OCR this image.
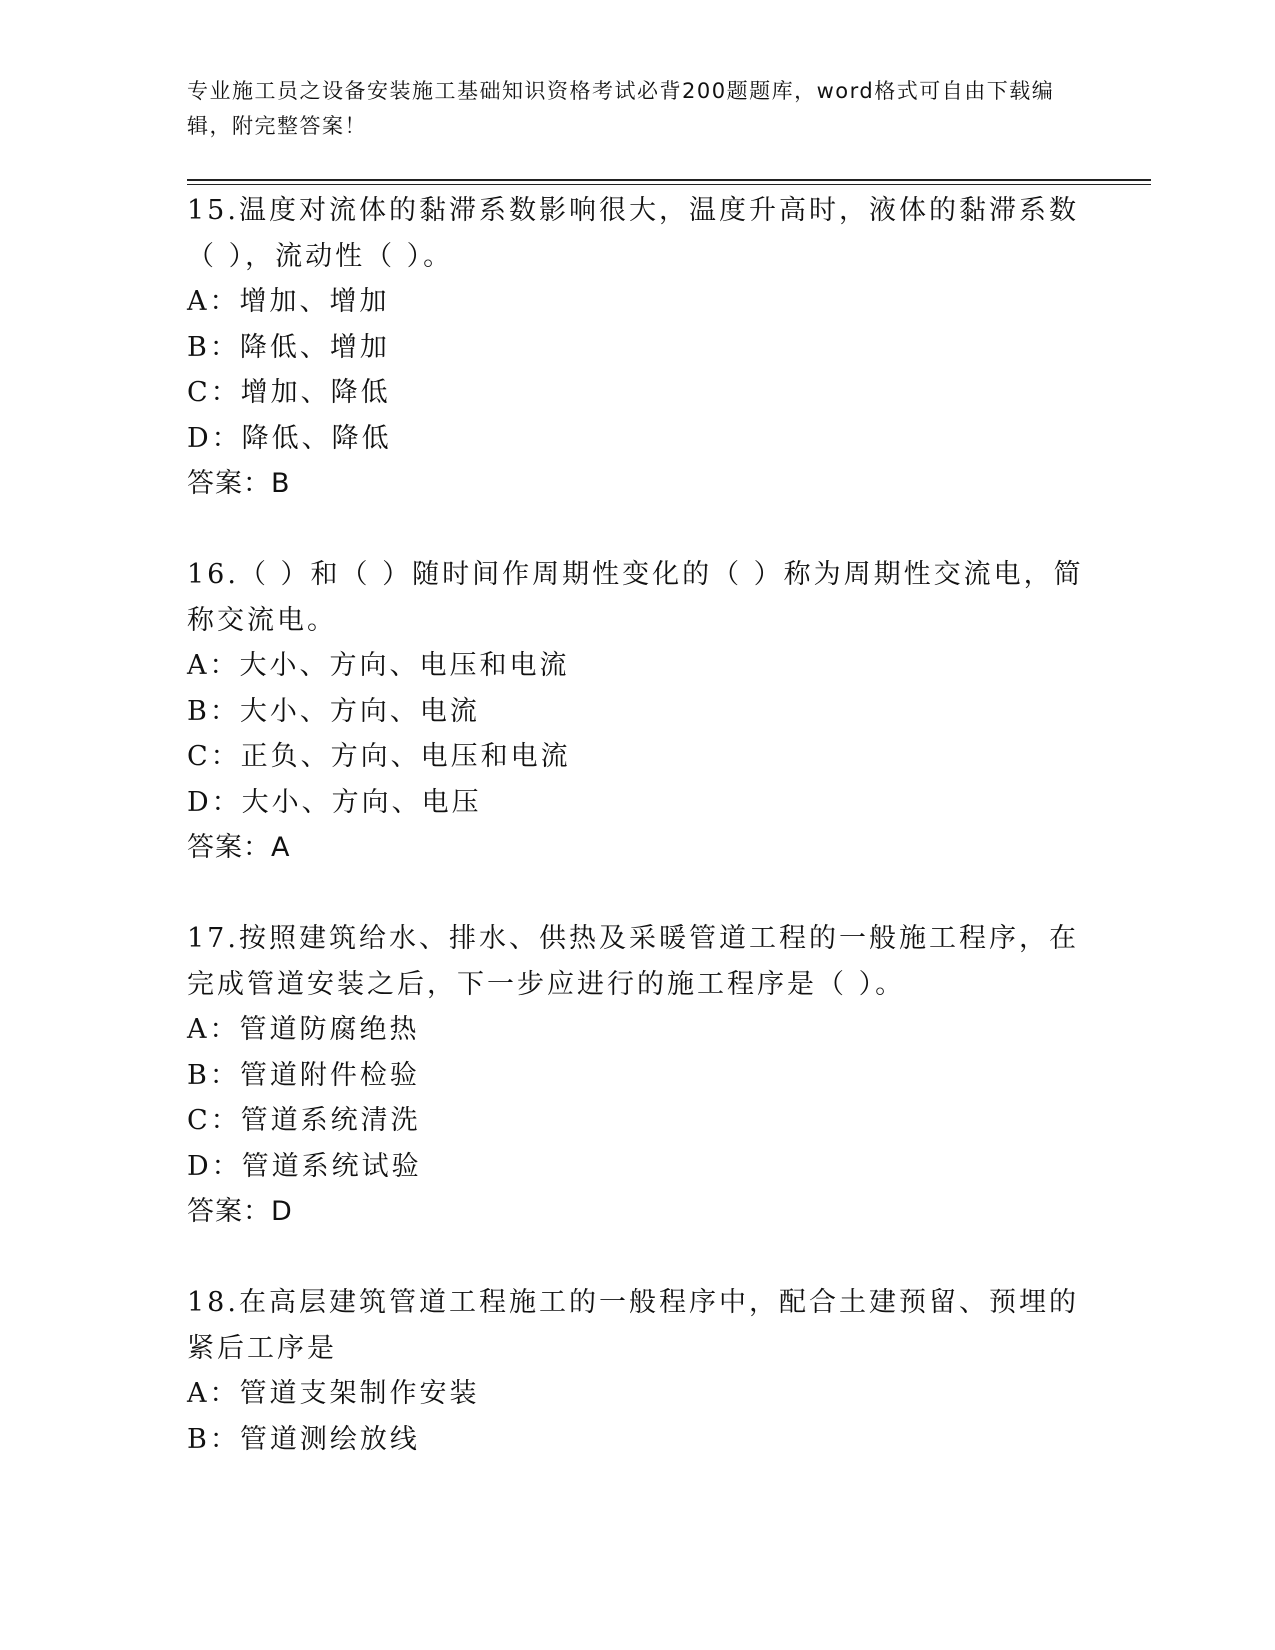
专业施工员之设备安装施工基础知识资格考试必背200题题库，word格式可自由下载编辑，附完整答案！
15.温度对流体的黏滞系数影响很大，温度升高时，液体的黏滞系数（ ），流动性（ ）。
A：增加、增加
B：降低、增加
C：增加、降低
D：降低、降低
答案：B
16.（ ）和（ ）随时间作周期性变化的（ ）称为周期性交流电，简称交流电。
A：大小、方向、电压和电流
B：大小、方向、电流
C：正负、方向、电压和电流
D：大小、方向、电压
答案：A
17.按照建筑给水、排水、供热及采暖管道工程的一般施工程序，在完成管道安装之后，下一步应进行的施工程序是（ ）。
A：管道防腐绝热
B：管道附件检验
C：管道系统清洗
D：管道系统试验
答案：D
18.在高层建筑管道工程施工的一般程序中，配合土建预留、预埋的紧后工序是
A：管道支架制作安装
B：管道测绘放线
